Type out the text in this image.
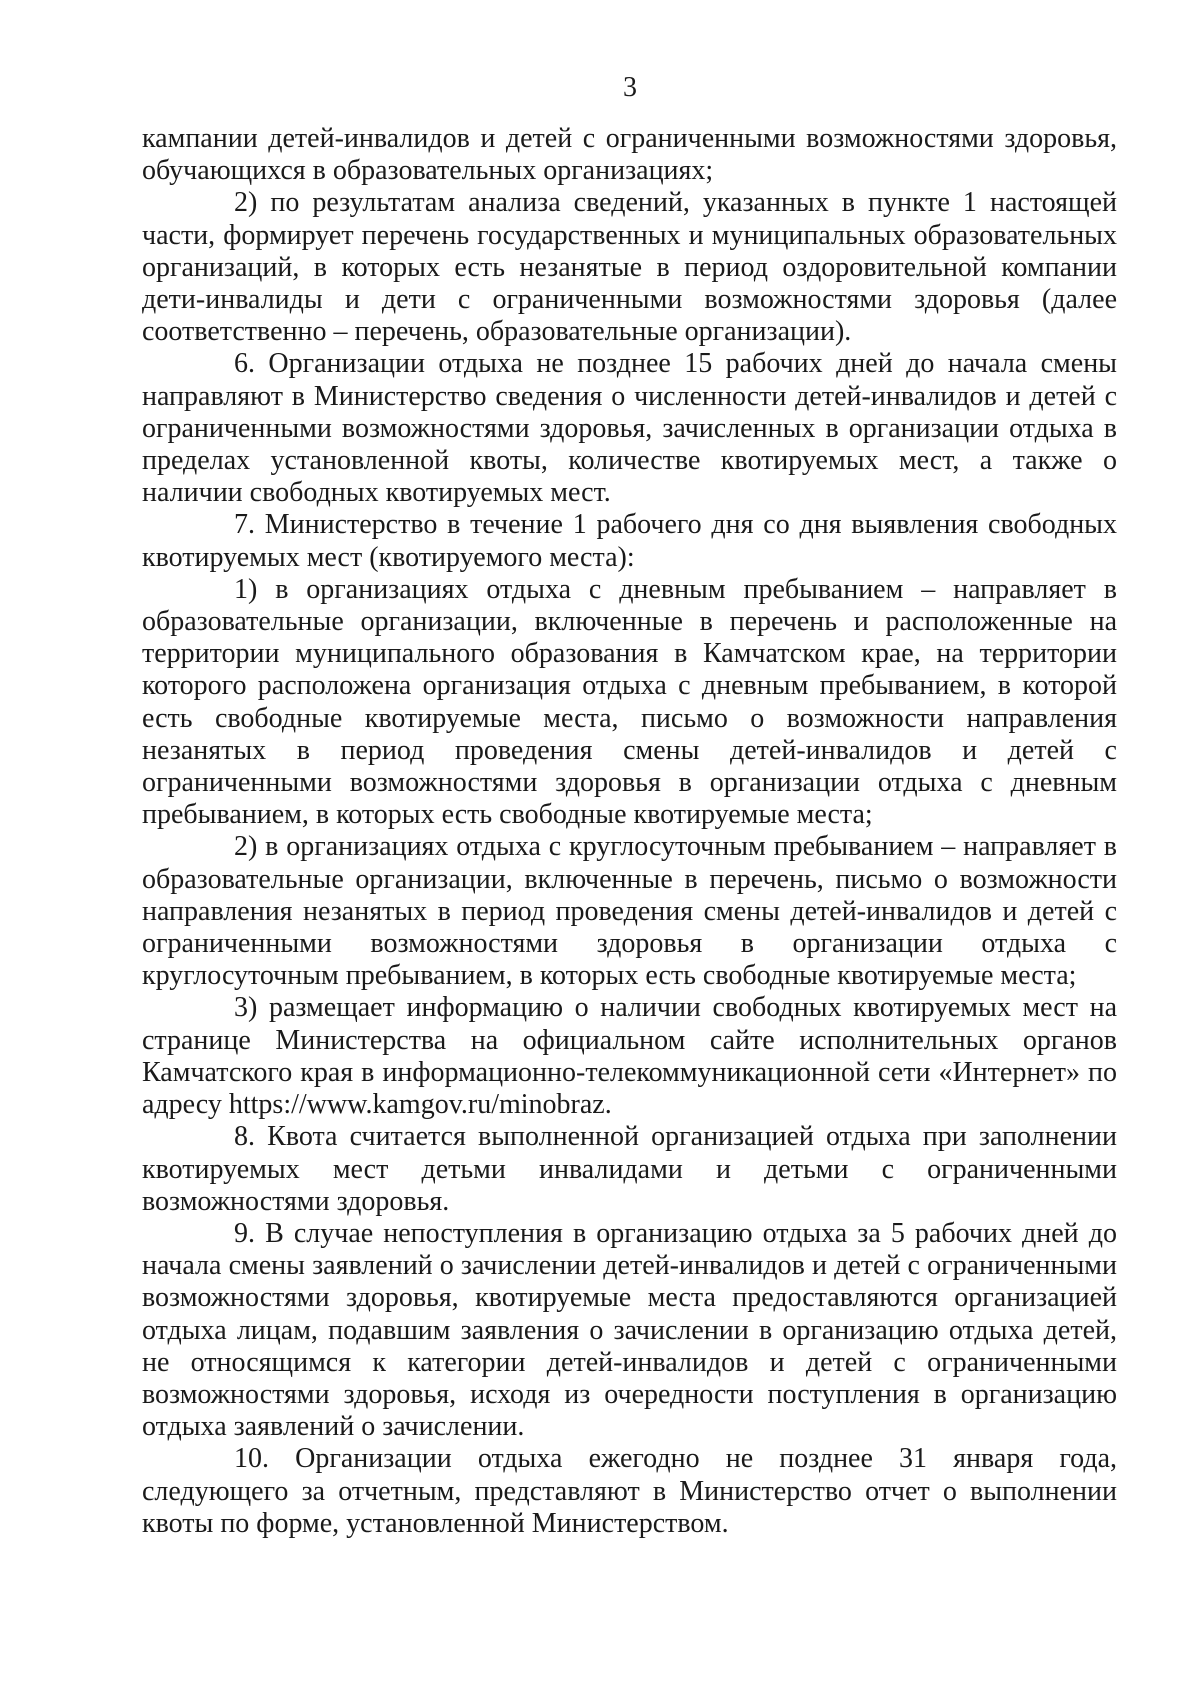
3

кампании детей-инвалидов и детей с ограниченными возможностями здоровья, обучающихся в образовательных организациях;

2) по результатам анализа сведений, указанных в пункте 1 настоящей части, формирует перечень государственных и муниципальных образовательных организаций, в которых есть незанятые в период оздоровительной компании дети-инвалиды и дети с ограниченными возможностями здоровья (далее соответственно – перечень, образовательные организации).

6. Организации отдыха не позднее 15 рабочих дней до начала смены направляют в Министерство сведения о численности детей-инвалидов и детей с ограниченными возможностями здоровья, зачисленных в организации отдыха в пределах установленной квоты, количестве квотируемых мест, а также о наличии свободных квотируемых мест.

7. Министерство в течение 1 рабочего дня со дня выявления свободных квотируемых мест (квотируемого места):

1) в организациях отдыха с дневным пребыванием – направляет в образовательные организации, включенные в перечень и расположенные на территории муниципального образования в Камчатском крае, на территории которого расположена организация отдыха с дневным пребыванием, в которой есть свободные квотируемые места, письмо о возможности направления незанятых в период проведения смены детей-инвалидов и детей с ограниченными возможностями здоровья в организации отдыха с дневным пребыванием, в которых есть свободные квотируемые места;

2) в организациях отдыха с круглосуточным пребыванием – направляет в образовательные организации, включенные в перечень, письмо о возможности направления незанятых в период проведения смены детей-инвалидов и детей с ограниченными возможностями здоровья в организации отдыха с круглосуточным пребыванием, в которых есть свободные квотируемые места;

3) размещает информацию о наличии свободных квотируемых мест на странице Министерства на официальном сайте исполнительных органов Камчатского края в информационно-телекоммуникационной сети «Интернет» по адресу https://www.kamgov.ru/minobraz.

8. Квота считается выполненной организацией отдыха при заполнении квотируемых мест детьми инвалидами и детьми с ограниченными возможностями здоровья.

9. В случае непоступления в организацию отдыха за 5 рабочих дней до начала смены заявлений о зачислении детей-инвалидов и детей с ограниченными возможностями здоровья, квотируемые места предоставляются организацией отдыха лицам, подавшим заявления о зачислении в организацию отдыха детей, не относящимся к категории детей-инвалидов и детей с ограниченными возможностями здоровья, исходя из очередности поступления в организацию отдыха заявлений о зачислении.

10. Организации отдыха ежегодно не позднее 31 января года, следующего за отчетным, представляют в Министерство отчет о выполнении квоты по форме, установленной Министерством.
